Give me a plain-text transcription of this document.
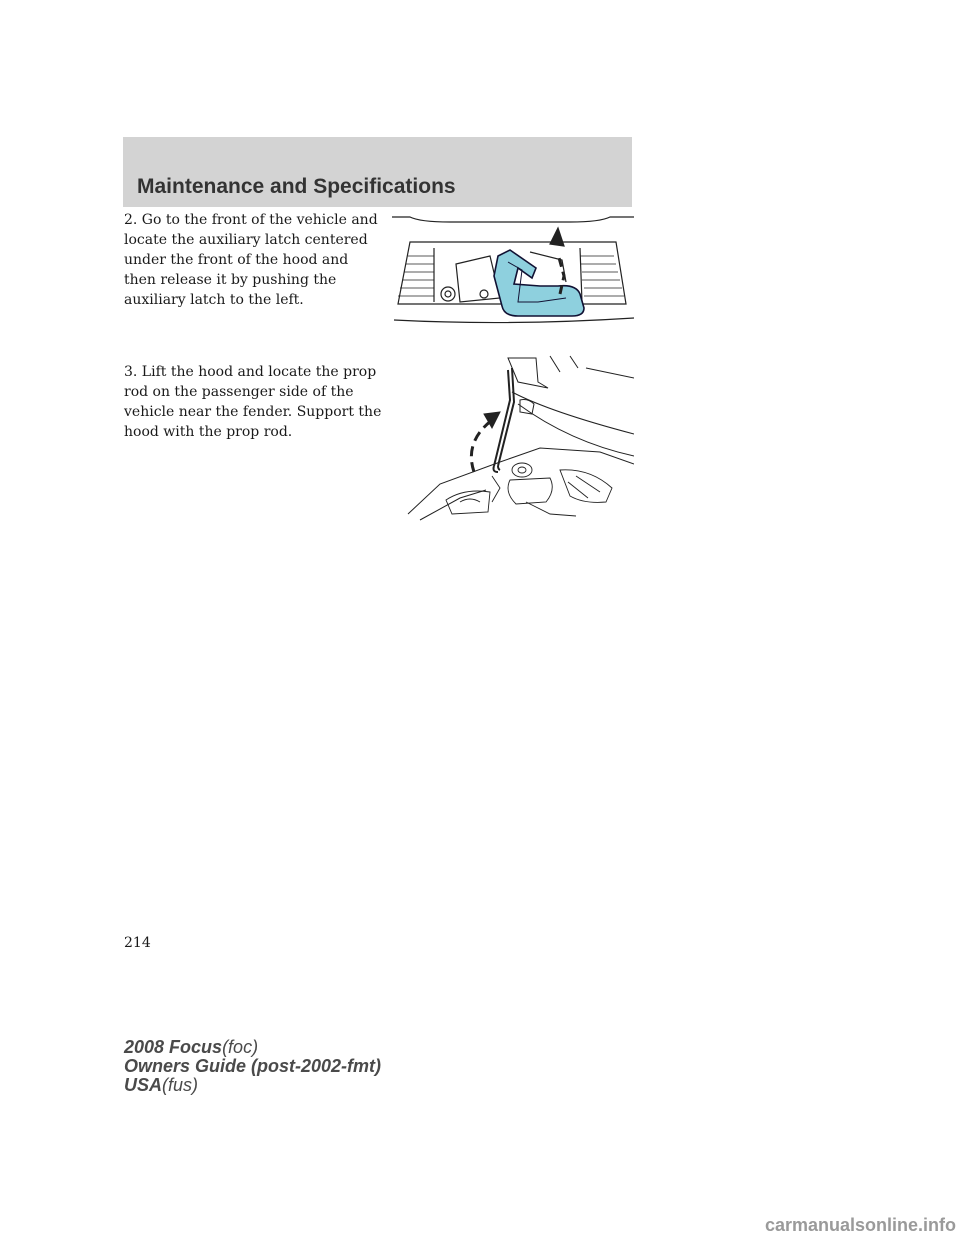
Maintenance and Specifications
2. Go to the front of the vehicle and
locate the auxiliary latch centered
under the front of the hood and
then release it by pushing the
auxiliary latch to the left.
3. Lift the hood and locate the prop
rod on the passenger side of the
vehicle near the fender. Support the
hood with the prop rod.
214
2008 Focus(foc)
Owners Guide (post-2002-fmt)
USA(fus)
carmanualsonline.info
